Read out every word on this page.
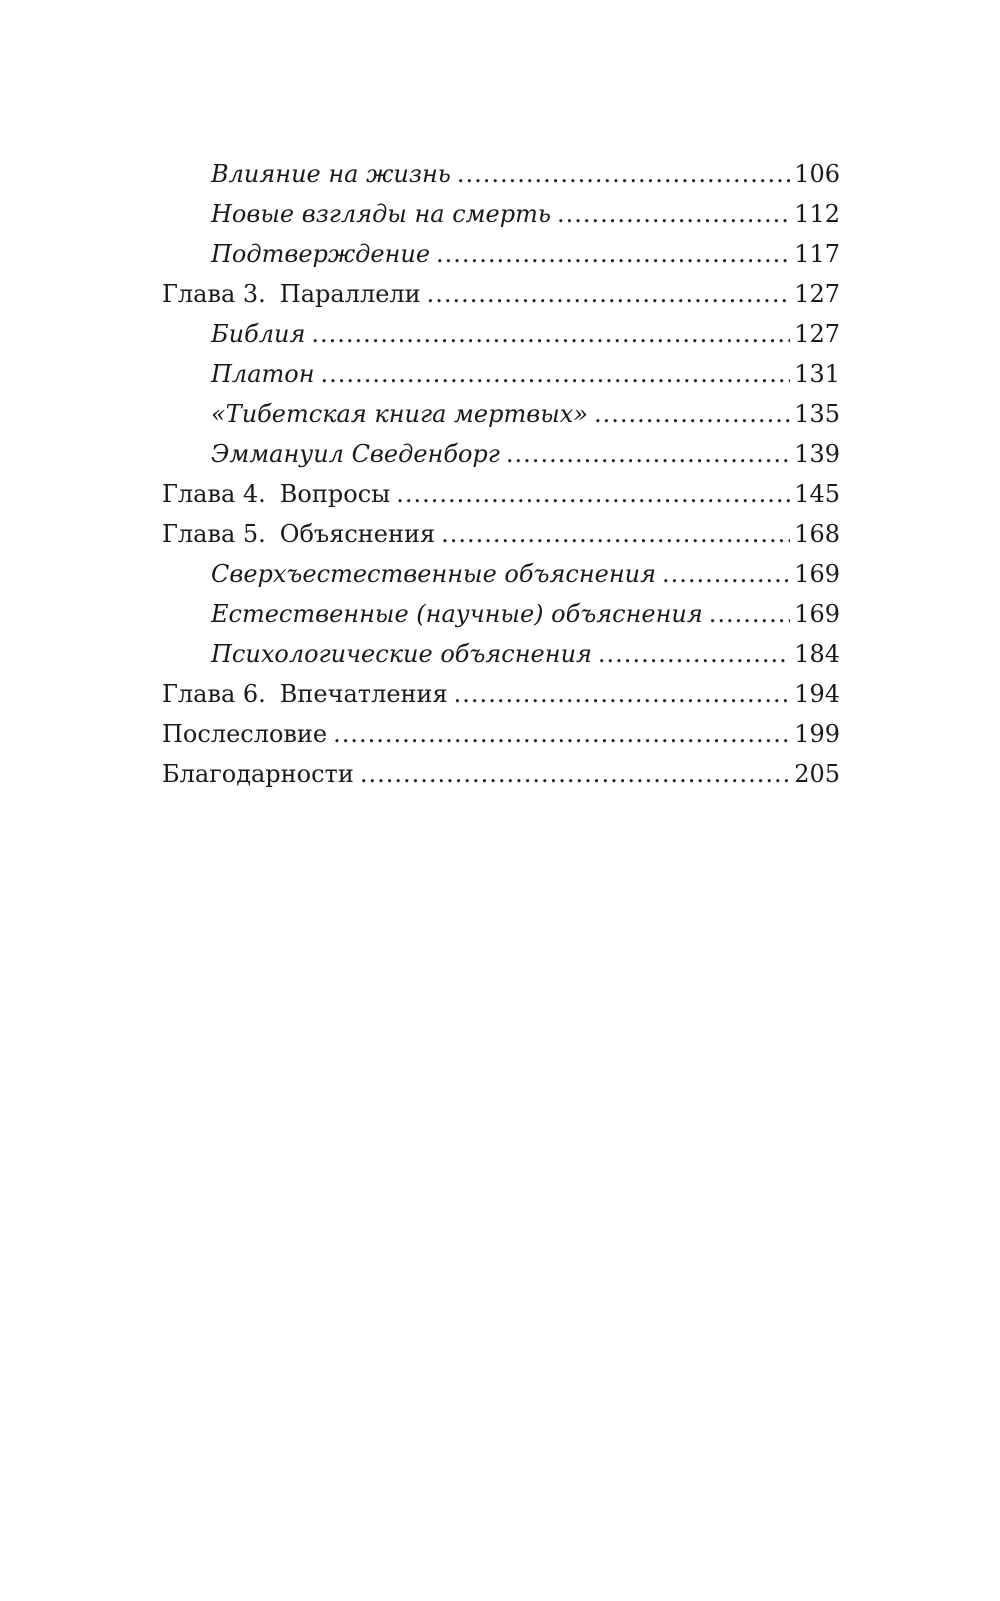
Влияние на жизнь .....	106
Новые взгляды на смерть .....	112
Подтверждение .....	117
Глава 3. Параллели .....	127
Библия .....	127
Платон .....	131
«Тибетская книга мертвых» .....	135
Эммануил Сведенборг .....	139
Глава 4. Вопросы .....	145
Глава 5. Объяснения .....	168
Сверхъестественные объяснения .....	169
Естественные (научные) объяснения .....	169
Психологические объяснения .....	184
Глава 6. Впечатления .....	194
Послесловие .....	199
Благодарности .....	205
